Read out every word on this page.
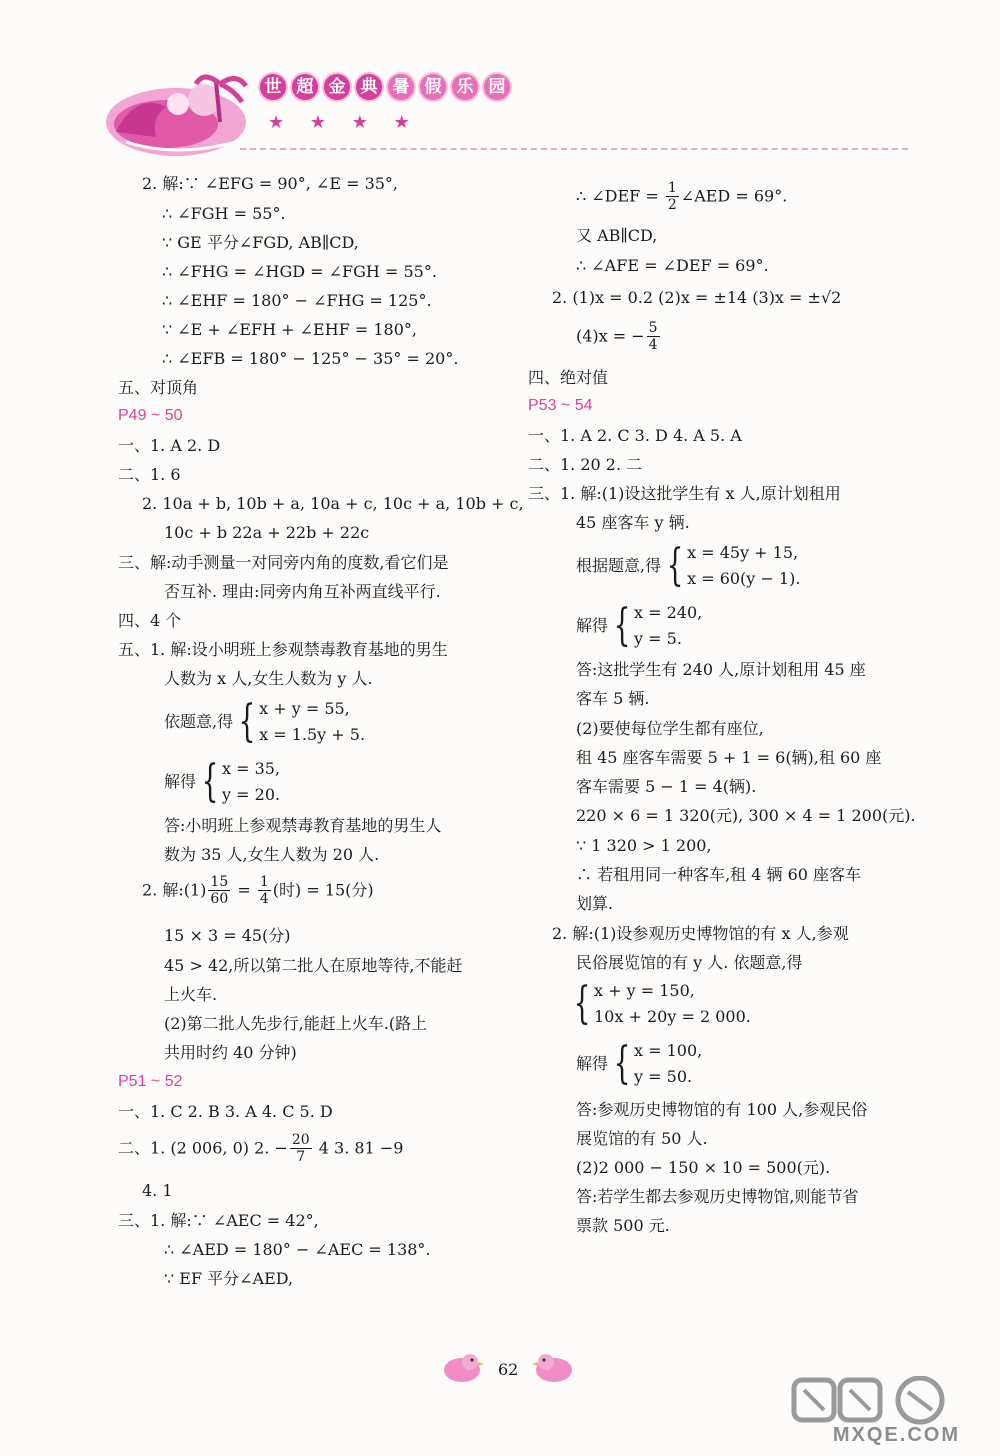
世 超 金 典 暑 假 乐 园
★ ★ ★ ★
2. 解:∵ ∠EFG = 90°, ∠E = 35°,
∴ ∠FGH = 55°.
∵ GE 平分∠FGD, AB∥CD,
∴ ∠FHG = ∠HGD = ∠FGH = 55°.
∴ ∠EHF = 180° − ∠FHG = 125°.
∵ ∠E + ∠EFH + ∠EHF = 180°,
∴ ∠EFB = 180° − 125° − 35° = 20°.
五、对顶角
P49 ~ 50
一、1. A 2. D
二、1. 6
2. 10a + b, 10b + a, 10a + c, 10c + a, 10b + c,
10c + b 22a + 22b + 22c
三、解:动手测量一对同旁内角的度数,看它们是
否互补. 理由:同旁内角互补两直线平行.
四、4 个
五、1. 解:设小明班上参观禁毒教育基地的男生
人数为 x 人,女生人数为 y 人.
依题意,得 { x + y = 55,
x = 1.5y + 5.
解得 { x = 35,
y = 20.
答:小明班上参观禁毒教育基地的男生人
数为 35 人,女生人数为 20 人.
2. 解:(1) $\frac{15}{60} = \frac{1}{4}$ (时) = 15(分)
15 × 3 = 45(分)
45 > 42,所以第二批人在原地等待,不能赶
上火车.
(2)第二批人先步行,能赶上火车.(路上
共用时约 40 分钟)
P51 ~ 52
一、1. C 2. B 3. A 4. C 5. D
二、1. (2 006, 0) 2. − $\frac{20}{7} 4$ 3. 81 −9
4. 1
三、1. 解:∵ ∠AEC = 42°,
∴ ∠AED = 180° − ∠AEC = 138°.
∵ EF 平分∠AED,
∴ ∠DEF = $\frac{1}{2}$ ∠AED = 69°.
又 AB∥CD,
∴ ∠AFE = ∠DEF = 69°.
2. (1)x = 0.2 (2)x = ±14 (3)x = ±√2
(4)x = − $\frac{5}{4}$
四、绝对值
P53 ~ 54
一、1. A 2. C 3. D 4. A 5. A
二、1. 20 2. 二
三、1. 解:(1)设这批学生有 x 人,原计划租用
45 座客车 y 辆.
根据题意,得 { x = 45y + 15,
x = 60(y − 1).
解得 { x = 240,
y = 5.
答:这批学生有 240 人,原计划租用 45 座
客车 5 辆.
(2)要使每位学生都有座位,
租 45 座客车需要 5 + 1 = 6(辆),租 60 座
客车需要 5 − 1 = 4(辆).
220 × 6 = 1 320(元), 300 × 4 = 1 200(元).
∵ 1 320 > 1 200,
∴ 若租用同一种客车,租 4 辆 60 座客车
划算.
2. 解:(1)设参观历史博物馆的有 x 人,参观
民俗展览馆的有 y 人. 依题意,得
{ x + y = 150,
10x + 20y = 2 000.
解得 { x = 100,
y = 50.
答:参观历史博物馆的有 100 人,参观民俗
展览馆的有 50 人.
(2)2 000 − 150 × 10 = 500(元).
答:若学生都去参观历史博物馆,则能节省
票款 500 元.
62
MXQE.COM
